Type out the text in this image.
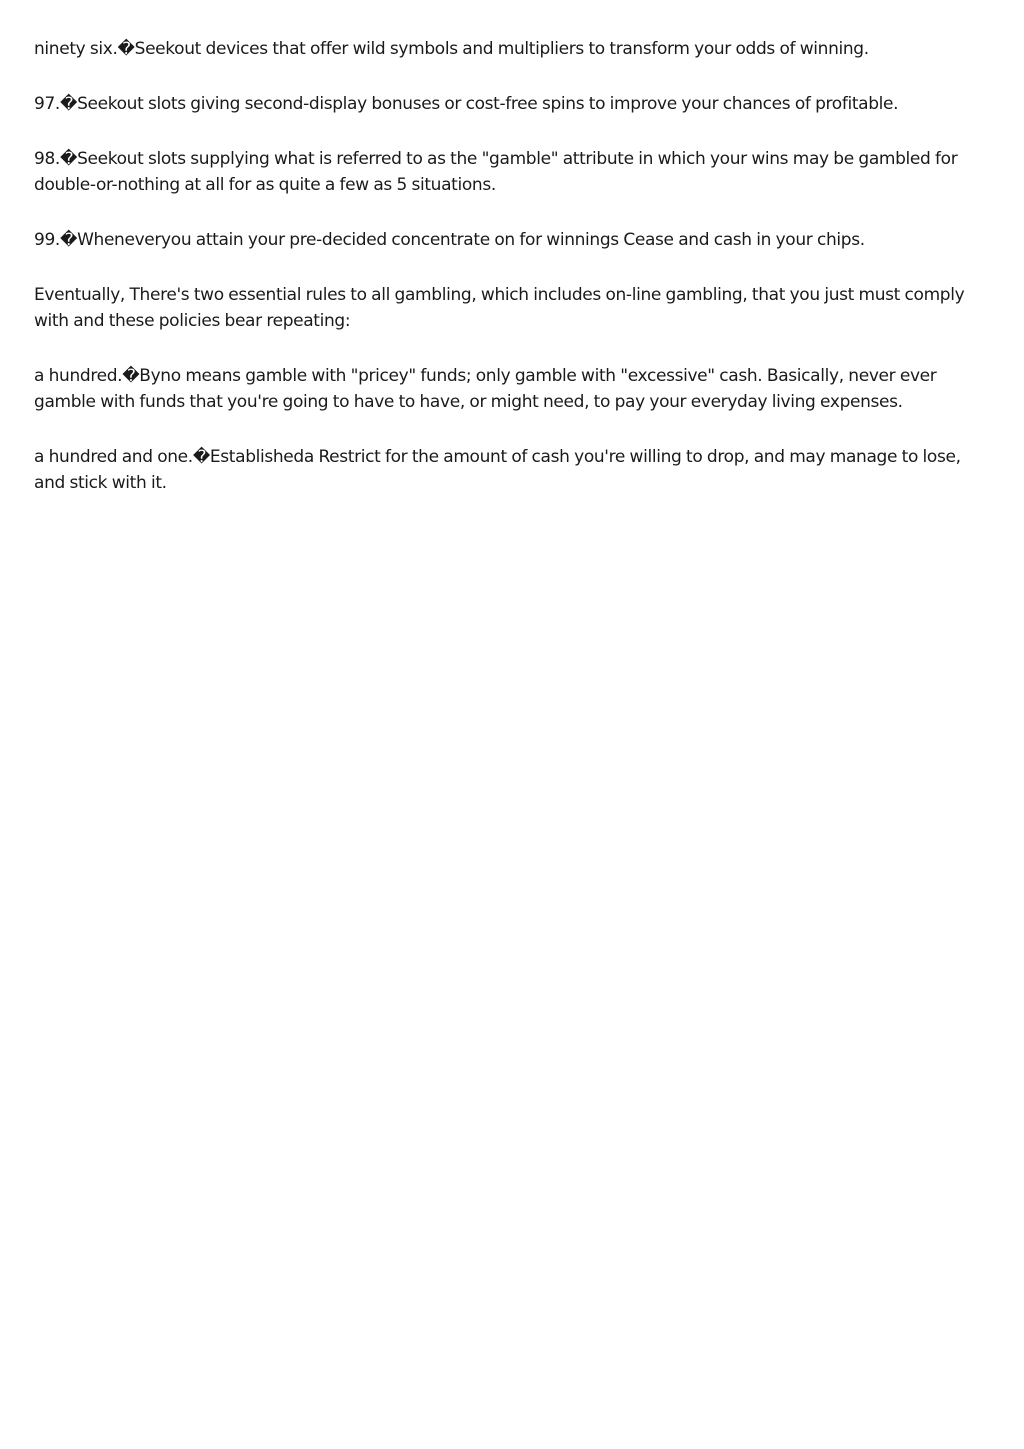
ninety six.�Seekout devices that offer wild symbols and multipliers to transform your odds of winning.

97.�Seekout slots giving second-display bonuses or cost-free spins to improve your chances of profitable.

98.�Seekout slots supplying what is referred to as the "gamble" attribute in which your wins may be gambled for double-or-nothing at all for as quite a few as 5 situations.

99.�Wheneveryou attain your pre-decided concentrate on for winnings Cease and cash in your chips.

Eventually, There's two essential rules to all gambling, which includes on-line gambling, that you just must comply with and these policies bear repeating:

a hundred.�Byno means gamble with "pricey" funds; only gamble with "excessive" cash. Basically, never ever gamble with funds that you're going to have to have, or might need, to pay your everyday living expenses.

a hundred and one.�Establisheda Restrict for the amount of cash you're willing to drop, and may manage to lose, and stick with it.
